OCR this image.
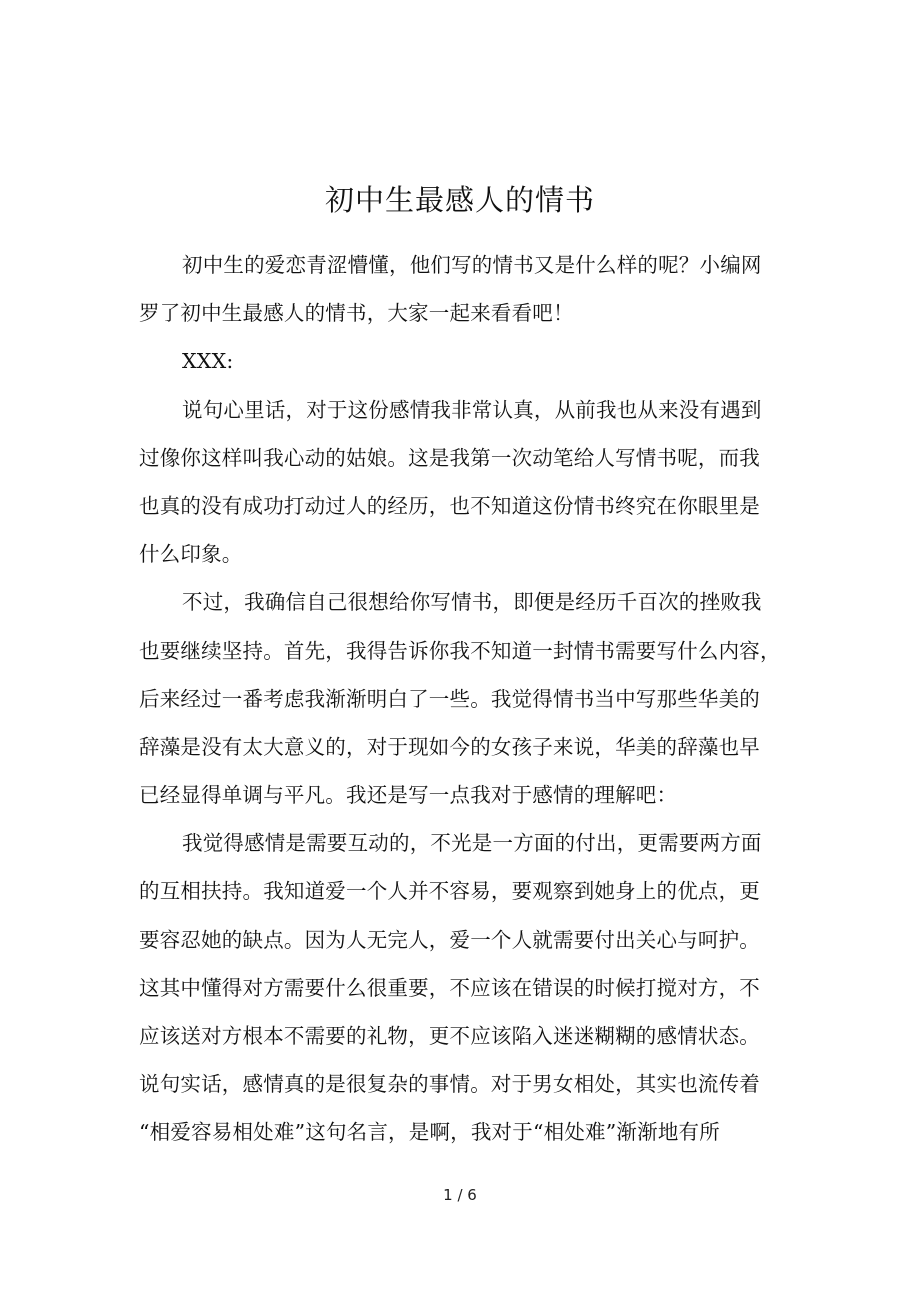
初中生最感人的情书
初中生的爱恋青涩懵懂，他们写的情书又是什么样的呢？小编网
罗了初中生最感人的情书，大家一起来看看吧！
XXX:
说句心里话，对于这份感情我非常认真，从前我也从来没有遇到
过像你这样叫我心动的姑娘。这是我第一次动笔给人写情书呢，而我
也真的没有成功打动过人的经历，也不知道这份情书终究在你眼里是
什么印象。
不过，我确信自己很想给你写情书，即便是经历千百次的挫败我
也要继续坚持。首先，我得告诉你我不知道一封情书需要写什么内容，
后来经过一番考虑我渐渐明白了一些。我觉得情书当中写那些华美的
辞藻是没有太大意义的，对于现如今的女孩子来说，华美的辞藻也早
已经显得单调与平凡。我还是写一点我对于感情的理解吧：
我觉得感情是需要互动的，不光是一方面的付出，更需要两方面
的互相扶持。我知道爱一个人并不容易，要观察到她身上的优点，更
要容忍她的缺点。因为人无完人，爱一个人就需要付出关心与呵护。
这其中懂得对方需要什么很重要，不应该在错误的时候打搅对方，不
应该送对方根本不需要的礼物，更不应该陷入迷迷糊糊的感情状态。
说句实话，感情真的是很复杂的事情。对于男女相处，其实也流传着
“相爱容易相处难”这句名言，是啊，我对于“相处难”渐渐地有所
1 / 6
